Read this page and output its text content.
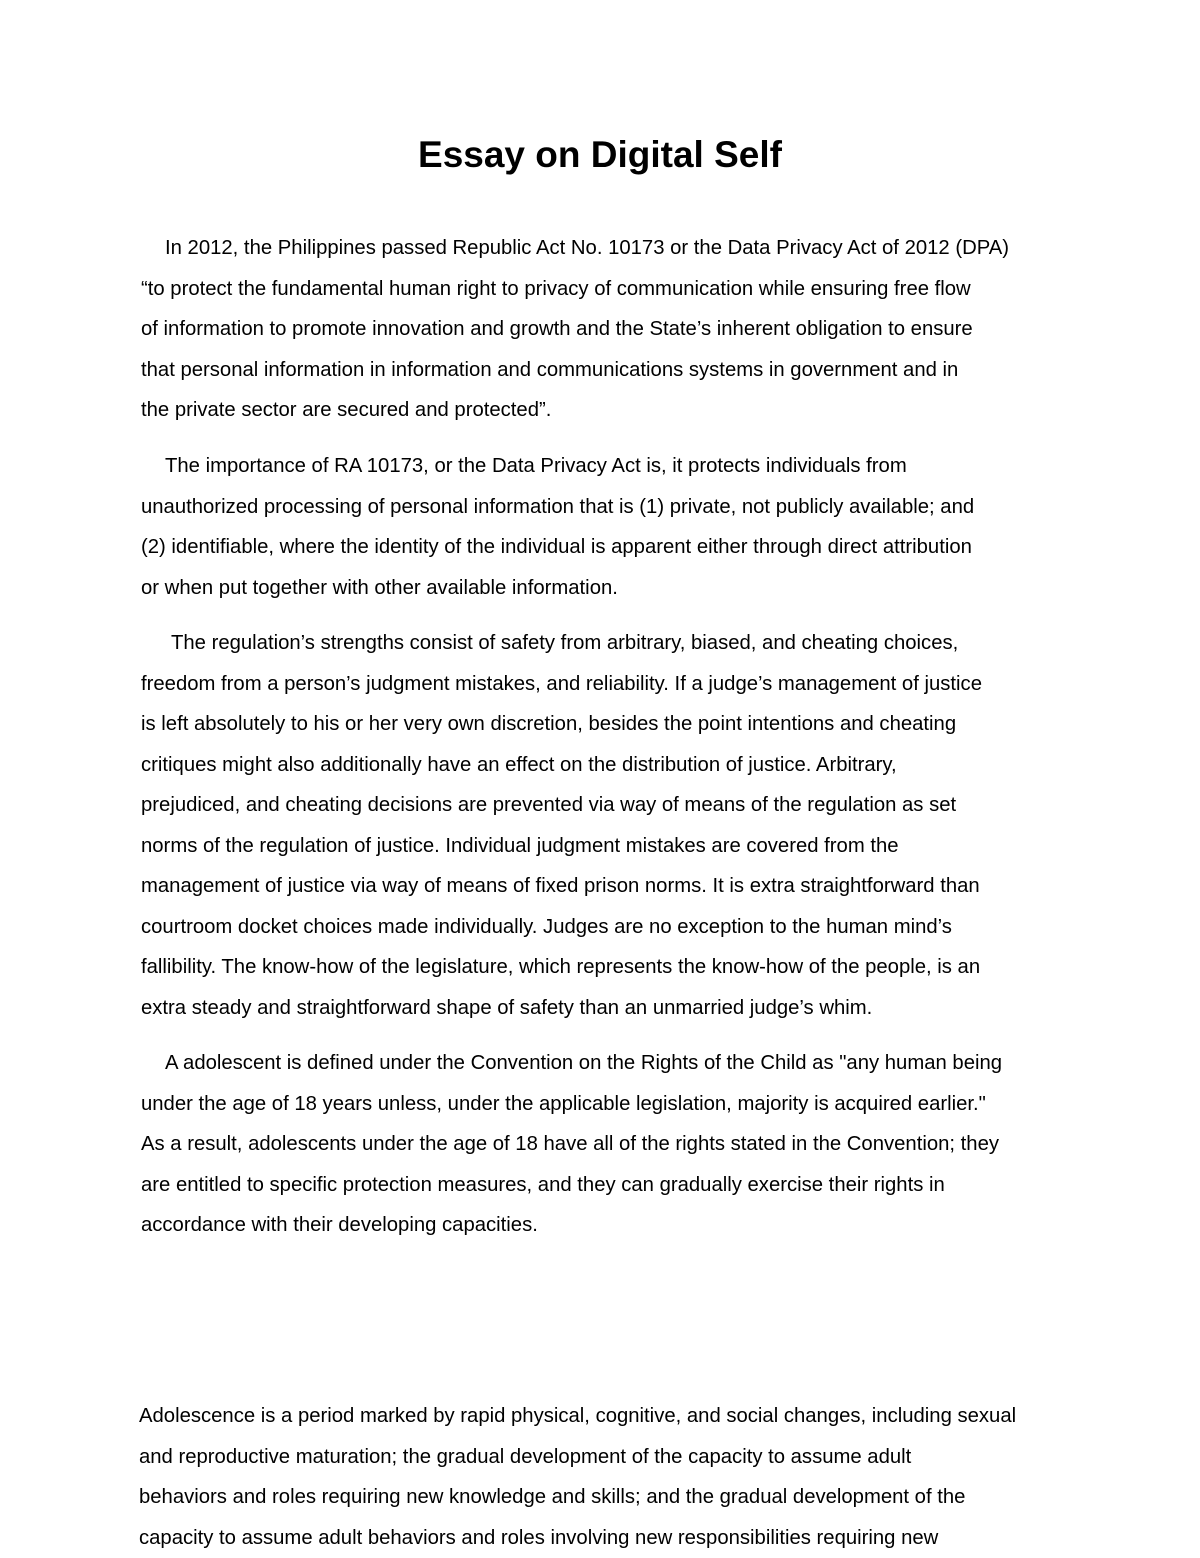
Essay on Digital Self
In 2012, the Philippines passed Republic Act No. 10173 or the Data Privacy Act of 2012 (DPA)
“to protect the fundamental human right to privacy of communication while ensuring free flow
of information to promote innovation and growth and the State’s inherent obligation to ensure
that personal information in information and communications systems in government and in
the private sector are secured and protected”.
The importance of RA 10173, or the Data Privacy Act is, it protects individuals from
unauthorized processing of personal information that is (1) private, not publicly available; and
(2) identifiable, where the identity of the individual is apparent either through direct attribution
or when put together with other available information.
The regulation’s strengths consist of safety from arbitrary, biased, and cheating choices,
freedom from a person’s judgment mistakes, and reliability. If a judge’s management of justice
is left absolutely to his or her very own discretion, besides the point intentions and cheating
critiques might also additionally have an effect on the distribution of justice. Arbitrary,
prejudiced, and cheating decisions are prevented via way of means of the regulation as set
norms of the regulation of justice. Individual judgment mistakes are covered from the
management of justice via way of means of fixed prison norms. It is extra straightforward than
courtroom docket choices made individually. Judges are no exception to the human mind’s
fallibility. The know-how of the legislature, which represents the know-how of the people, is an
extra steady and straightforward shape of safety than an unmarried judge’s whim.
A adolescent is defined under the Convention on the Rights of the Child as "any human being
under the age of 18 years unless, under the applicable legislation, majority is acquired earlier."
As a result, adolescents under the age of 18 have all of the rights stated in the Convention; they
are entitled to specific protection measures, and they can gradually exercise their rights in
accordance with their developing capacities.
Adolescence is a period marked by rapid physical, cognitive, and social changes, including sexual
and reproductive maturation; the gradual development of the capacity to assume adult
behaviors and roles requiring new knowledge and skills; and the gradual development of the
capacity to assume adult behaviors and roles involving new responsibilities requiring new
